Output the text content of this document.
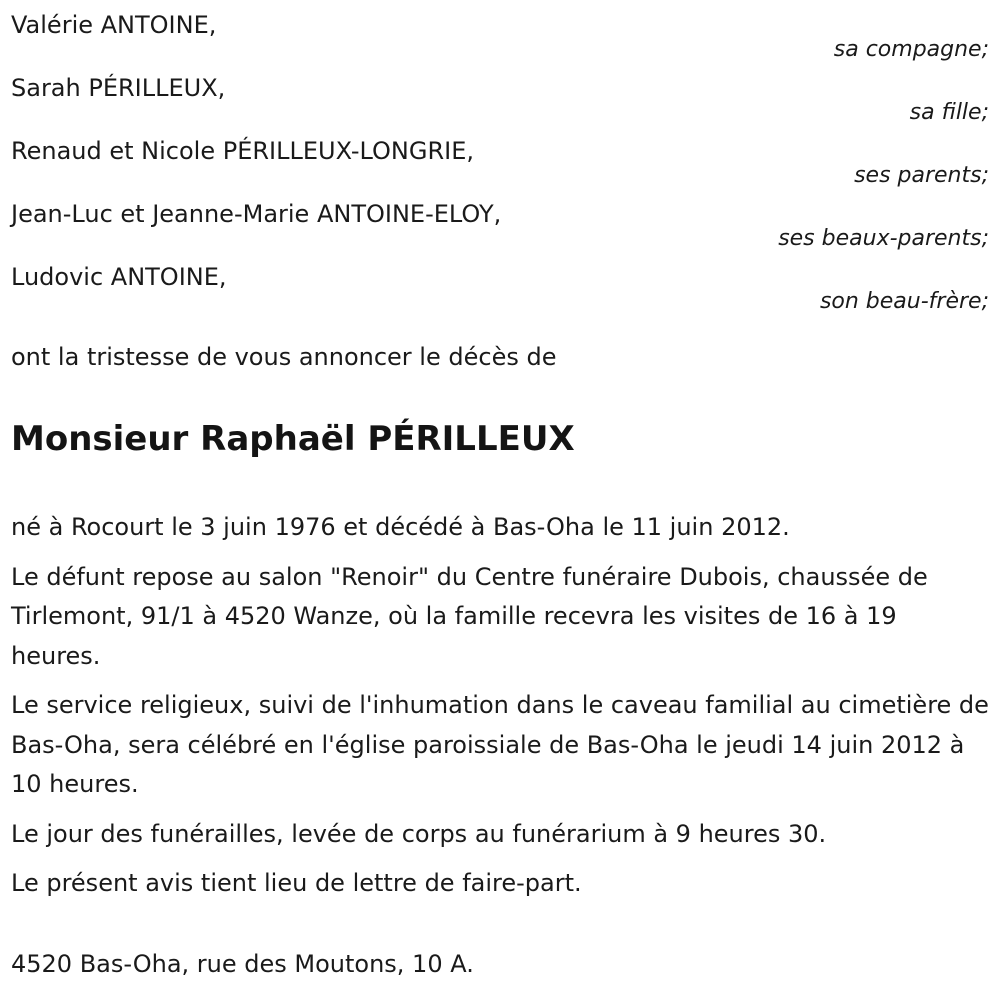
Valérie ANTOINE,
sa compagne;
Sarah PÉRILLEUX,
sa fille;
Renaud et Nicole PÉRILLEUX-LONGRIE,
ses parents;
Jean-Luc et Jeanne-Marie ANTOINE-ELOY,
ses beaux-parents;
Ludovic ANTOINE,
son beau-frère;
ont la tristesse de vous annoncer le décès de
Monsieur Raphaël PÉRILLEUX

né à Rocourt le 3 juin 1976 et décédé à Bas-Oha le 11 juin 2012.

Le défunt repose au salon "Renoir" du Centre funéraire Dubois, chaussée de Tirlemont, 91/1 à 4520 Wanze, où la famille recevra les visites de 16 à 19 heures.

Le service religieux, suivi de l'inhumation dans le caveau familial au cimetière de Bas-Oha, sera célébré en l'église paroissiale de Bas-Oha le jeudi 14 juin 2012 à 10 heures.

Le jour des funérailles, levée de corps au funérarium à 9 heures 30.

Le présent avis tient lieu de lettre de faire-part.

4520 Bas-Oha, rue des Moutons, 10 A.
